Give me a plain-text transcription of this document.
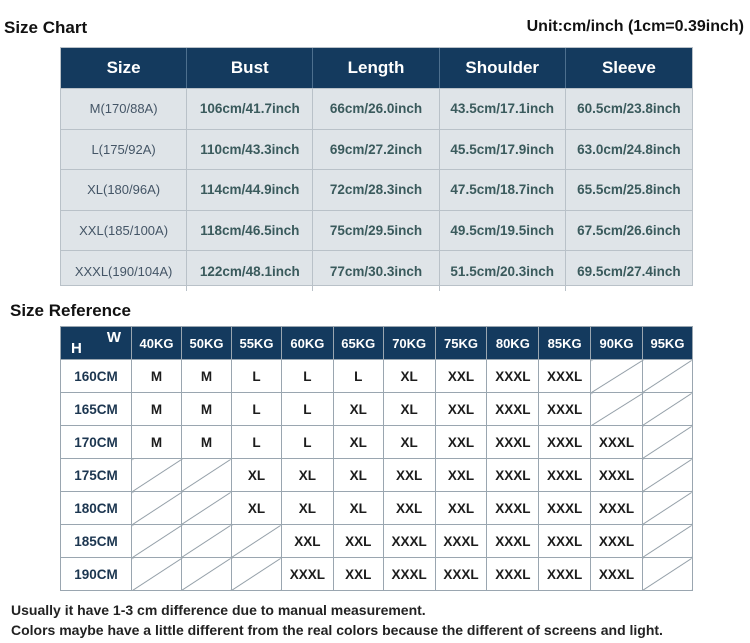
Size Chart	Unit:cm/inch (1cm=0.39inch)
Size	Bust	Length	Shoulder	Sleeve
M(170/88A)	106cm/41.7inch	66cm/26.0inch	43.5cm/17.1inch	60.5cm/23.8inch
L(175/92A)	110cm/43.3inch	69cm/27.2inch	45.5cm/17.9inch	63.0cm/24.8inch
XL(180/96A)	114cm/44.9inch	72cm/28.3inch	47.5cm/18.7inch	65.5cm/25.8inch
XXL(185/100A)	118cm/46.5inch	75cm/29.5inch	49.5cm/19.5inch	67.5cm/26.6inch
XXXL(190/104A)	122cm/48.1inch	77cm/30.3inch	51.5cm/20.3inch	69.5cm/27.4inch
Size Reference
W
H	40KG	50KG	55KG	60KG	65KG	70KG	75KG	80KG	85KG	90KG	95KG
160CM	M	M	L	L	L	XL	XXL	XXXL	XXXL		
165CM	M	M	L	L	XL	XL	XXL	XXXL	XXXL		
170CM	M	M	L	L	XL	XL	XXL	XXXL	XXXL	XXXL	
175CM			XL	XL	XL	XXL	XXL	XXXL	XXXL	XXXL	
180CM			XL	XL	XL	XXL	XXL	XXXL	XXXL	XXXL	
185CM				XXL	XXL	XXXL	XXXL	XXXL	XXXL	XXXL	
190CM				XXXL	XXL	XXXL	XXXL	XXXL	XXXL	XXXL	
Usually it have 1-3 cm difference due to manual measurement.
Colors maybe have a little different from the real colors because the different of screens and light.
